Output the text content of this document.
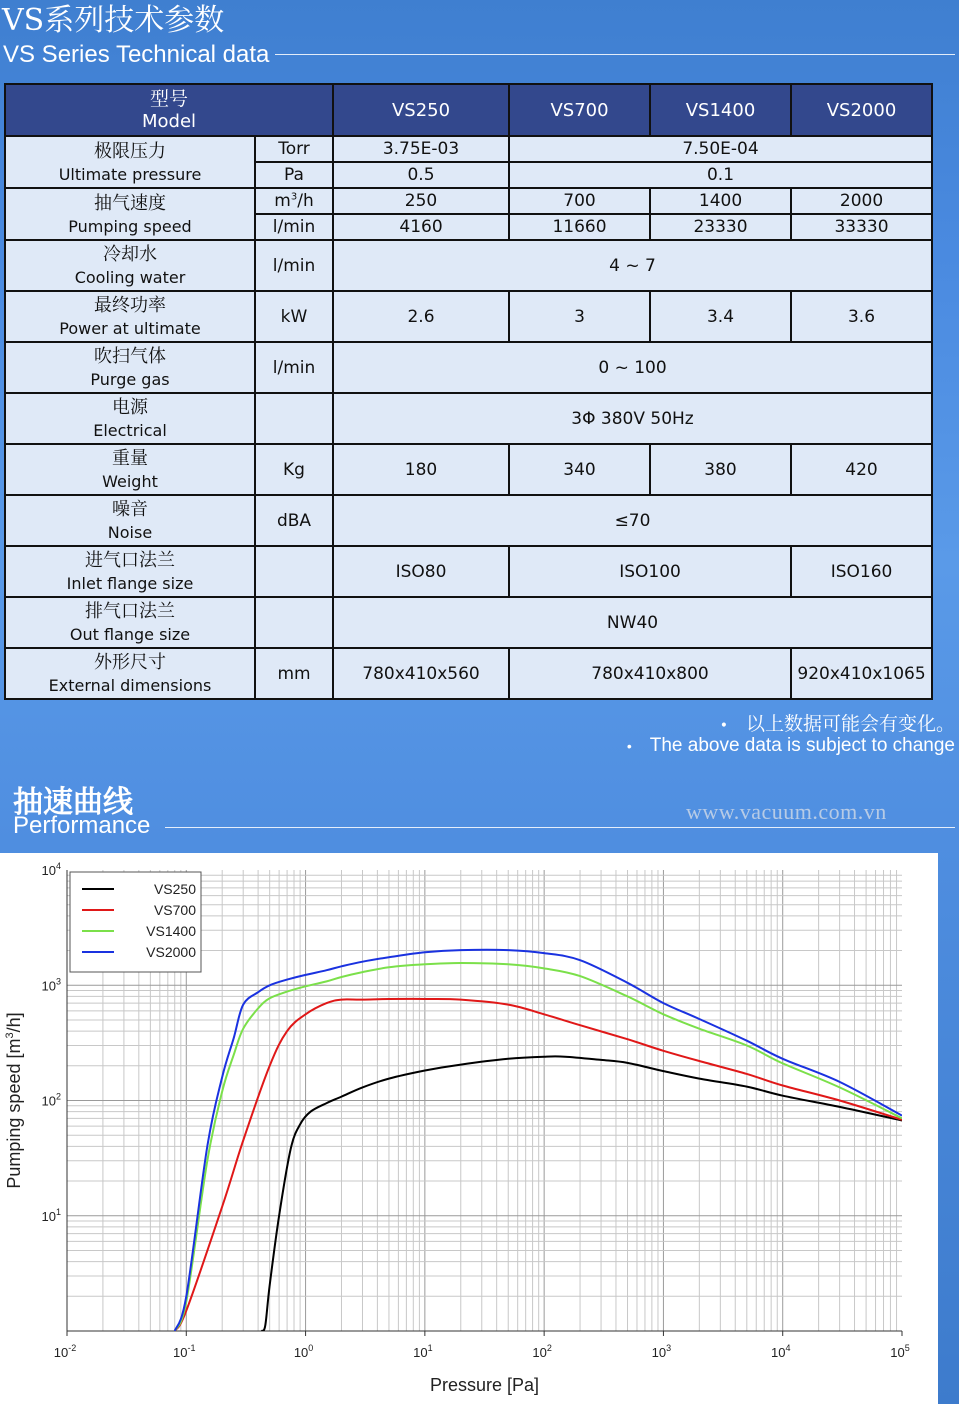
VS系列技术参数
VS Series Technical data
型号
Model		VS250	VS700	VS1400	VS2000

极限压力
Ultimate pressure	Torr	3.75E-03	7.50E-04		
	Pa	0.5	0.1		

抽气速度
Pumping speed	$m^3/h$	250	700	1400	2000
	l/min	4160	11660	23330	33330

冷却水
Cooling water	l/min	4 ~ 7			

最终功率
Power at ultimate	kW	2.6	3	3.4	3.6

吹扫气体
Purge gas	l/min	0 ~ 100			

电源
Electrical		3Φ 380V 50Hz			

重量
Weight	Kg	180	340	380	420

噪音
Noise	dBA	≤70			

进气口法兰
Inlet flange size		ISO80	ISO100		ISO160

排气口法兰
Out flange size		NW40			

外形尺寸
External dimensions	mm	780x410x560	780x410x800		920x410x1065
• 以上数据可能会有变化。
• The above data is subject to change
抽速曲线
Performance
www.vacuum.com.vn
$10^{-2}$	$10^{-1}$	$10^0$	$10^1$	$10^2$	$10^3$	$10^4$	$10^5$
$10^1$
$10^2$
$10^3$
$10^4$
Pressure [Pa]
Pumping speed $[m^3/h]$
VS250
VS700
VS1400
VS2000
